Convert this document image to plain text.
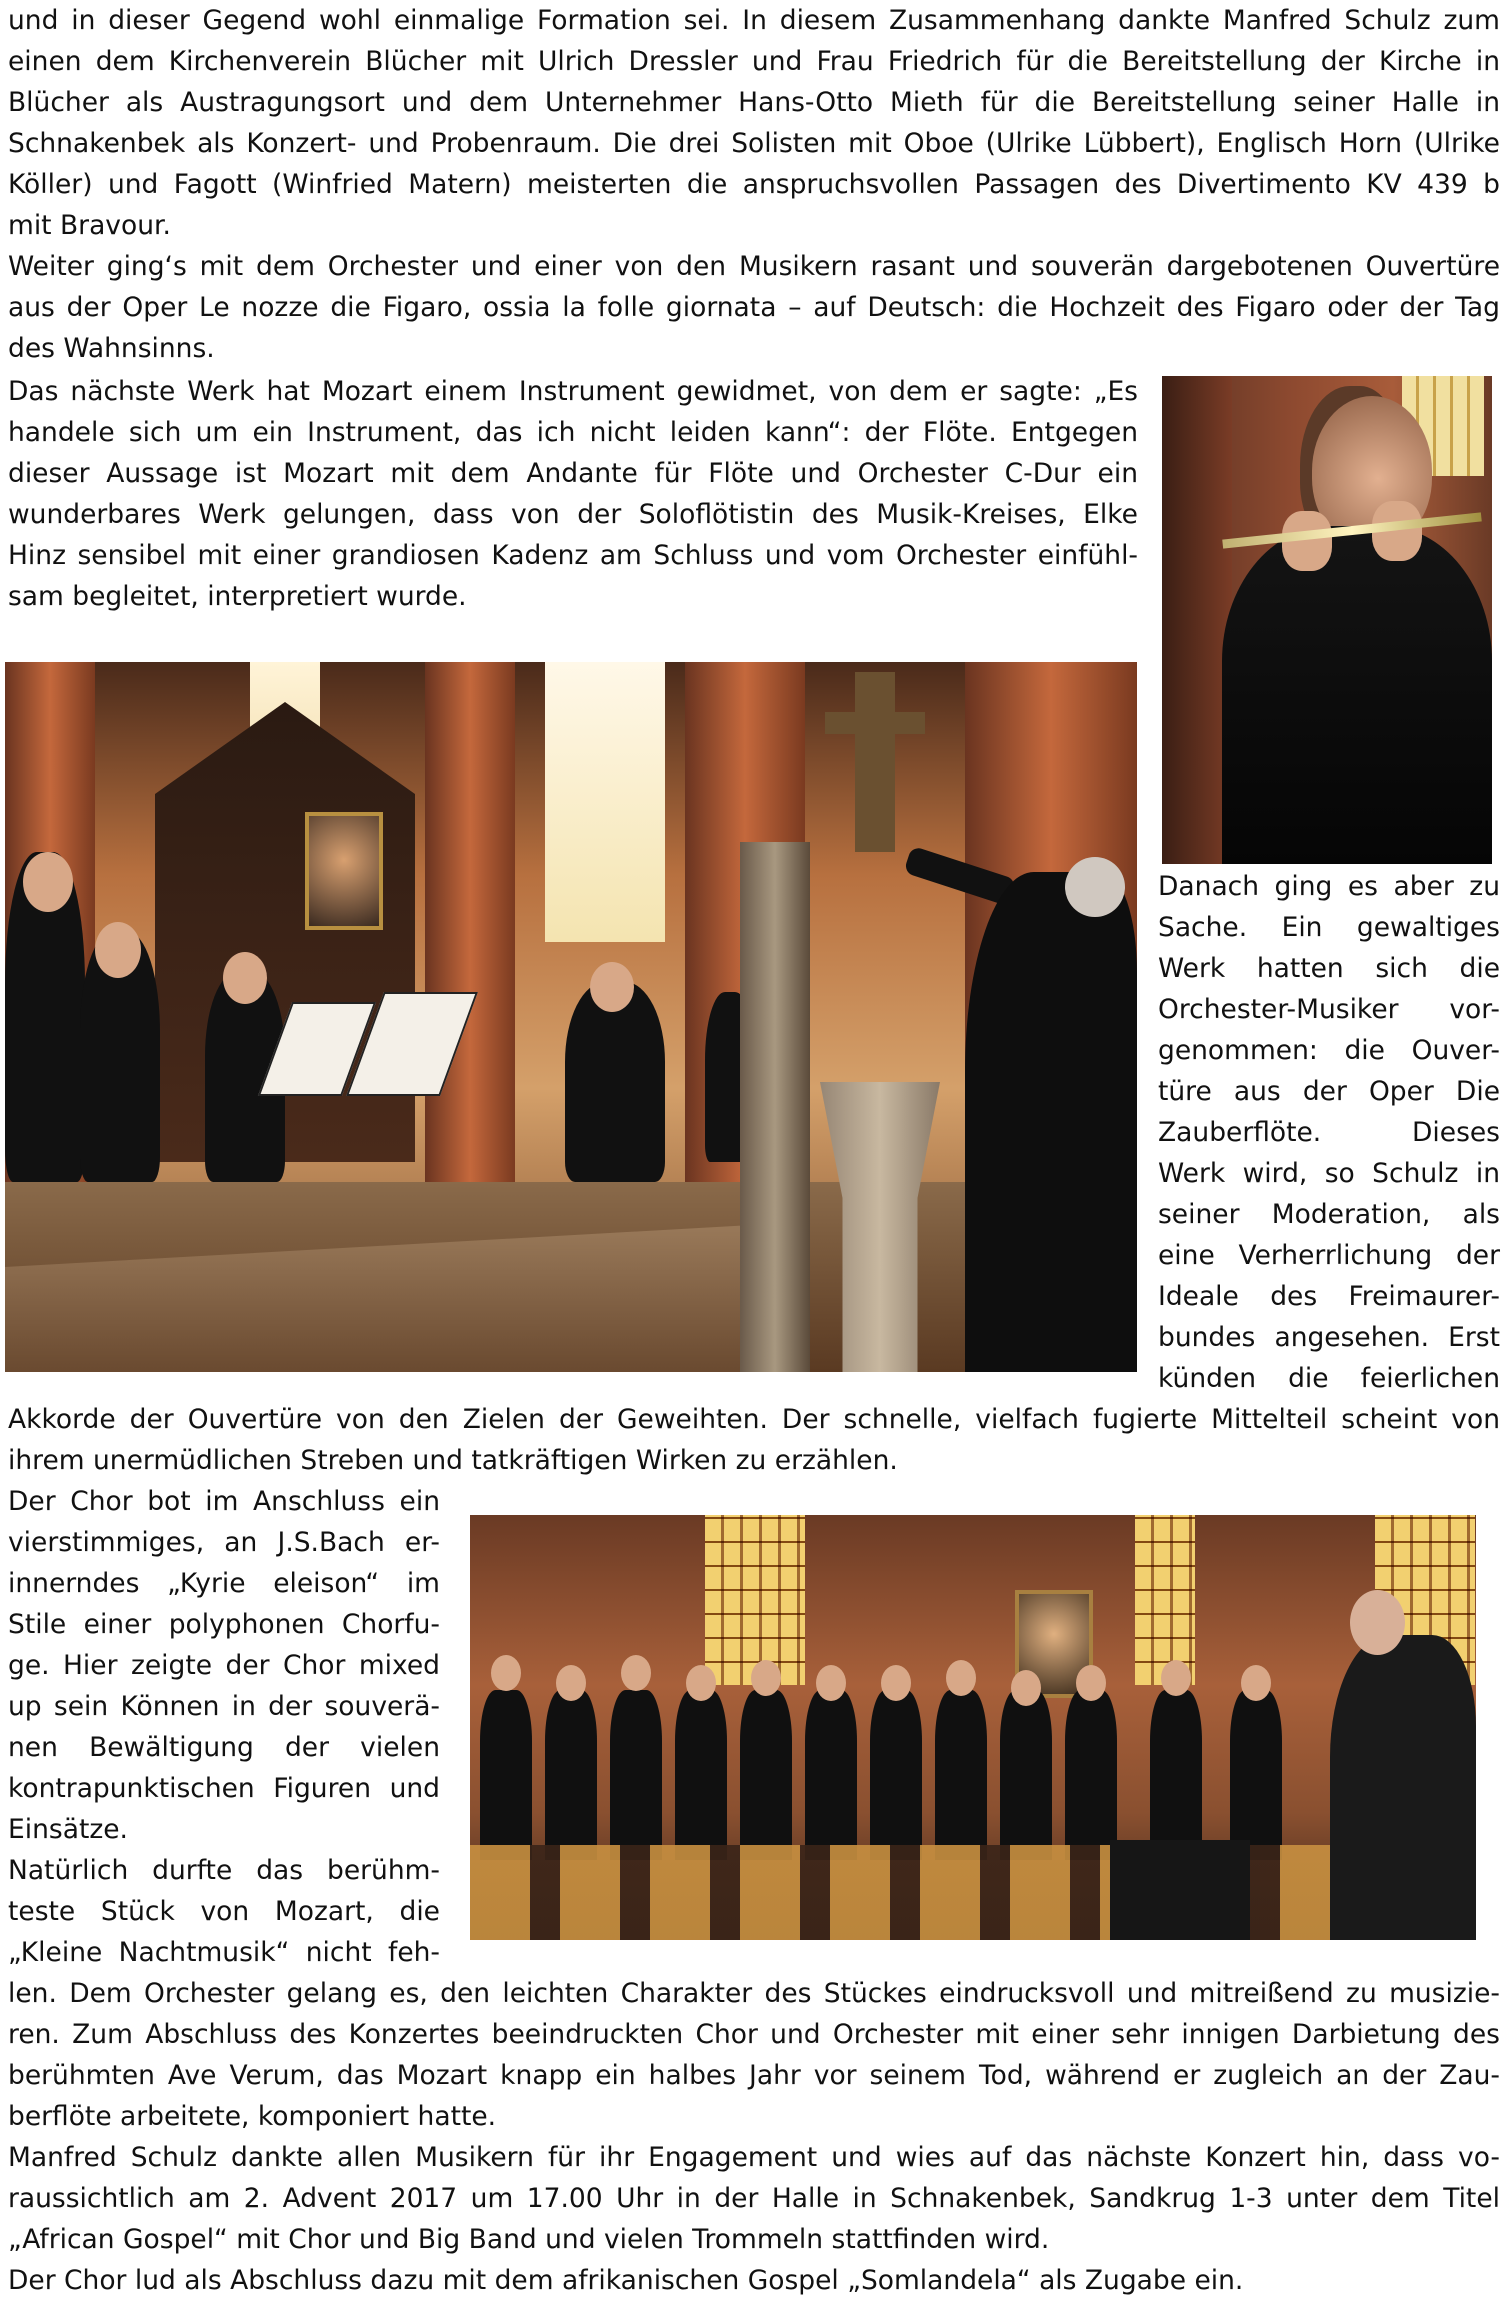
und in dieser Gegend wohl einmalige Formation sei. In diesem Zusammenhang dankte Manfred Schulz zum
einen dem Kirchenverein Blücher mit Ulrich Dressler und Frau Friedrich für die Bereitstellung der Kirche in
Blücher als Austragungsort und dem Unternehmer Hans-Otto Mieth für die Bereitstellung seiner Halle in
Schnakenbek als Konzert- und Probenraum. Die drei Solisten mit Oboe (Ulrike Lübbert), Englisch Horn (Ulrike
Köller) und Fagott (Winfried Matern) meisterten die anspruchsvollen Passagen des Divertimento KV 439 b
mit Bravour.
Weiter ging‘s mit dem Orchester und einer von den Musikern rasant und souverän dargebotenen Ouvertüre
aus der Oper Le nozze die Figaro, ossia la folle giornata – auf Deutsch: die Hochzeit des Figaro oder der Tag
des Wahnsinns.
Das nächste Werk hat Mozart einem Instrument gewidmet, von dem er sagte: „Es
handele sich um ein Instrument, das ich nicht leiden kann“: der Flöte. Entgegen
dieser Aussage ist Mozart mit dem Andante für Flöte und Orchester C-Dur ein
wunderbares Werk gelungen, dass von der Soloflötistin des Musik-Kreises, Elke
Hinz sensibel mit einer grandiosen Kadenz am Schluss und vom Orchester einfühl-
sam begleitet, interpretiert wurde.
Danach ging es aber zu
Sache. Ein gewaltiges
Werk hatten sich die
Orchester-Musiker vor-
genommen: die Ouver-
türe aus der Oper Die
Zauberflöte. Dieses
Werk wird, so Schulz in
seiner Moderation, als
eine Verherrlichung der
Ideale des Freimaurer-
bundes angesehen. Erst
künden die feierlichen
Akkorde der Ouvertüre von den Zielen der Geweihten. Der schnelle, vielfach fugierte Mittelteil scheint von
ihrem unermüdlichen Streben und tatkräftigen Wirken zu erzählen.
Der Chor bot im Anschluss ein
vierstimmiges, an J.S.Bach er-
innerndes „Kyrie eleison“ im
Stile einer polyphonen Chorfu-
ge. Hier zeigte der Chor mixed
up sein Können in der souverä-
nen Bewältigung der vielen
kontrapunktischen Figuren und
Einsätze.
Natürlich durfte das berühm-
teste Stück von Mozart, die
„Kleine Nachtmusik“ nicht feh-
len. Dem Orchester gelang es, den leichten Charakter des Stückes eindrucksvoll und mitreißend zu musizie-
ren. Zum Abschluss des Konzertes beeindruckten Chor und Orchester mit einer sehr innigen Darbietung des
berühmten Ave Verum, das Mozart knapp ein halbes Jahr vor seinem Tod, während er zugleich an der Zau-
berflöte arbeitete, komponiert hatte.
Manfred Schulz dankte allen Musikern für ihr Engagement und wies auf das nächste Konzert hin, dass vo-
raussichtlich am 2. Advent 2017 um 17.00 Uhr in der Halle in Schnakenbek, Sandkrug 1-3 unter dem Titel
„African Gospel“ mit Chor und Big Band und vielen Trommeln stattfinden wird.
Der Chor lud als Abschluss dazu mit dem afrikanischen Gospel „Somlandela“ als Zugabe ein.
